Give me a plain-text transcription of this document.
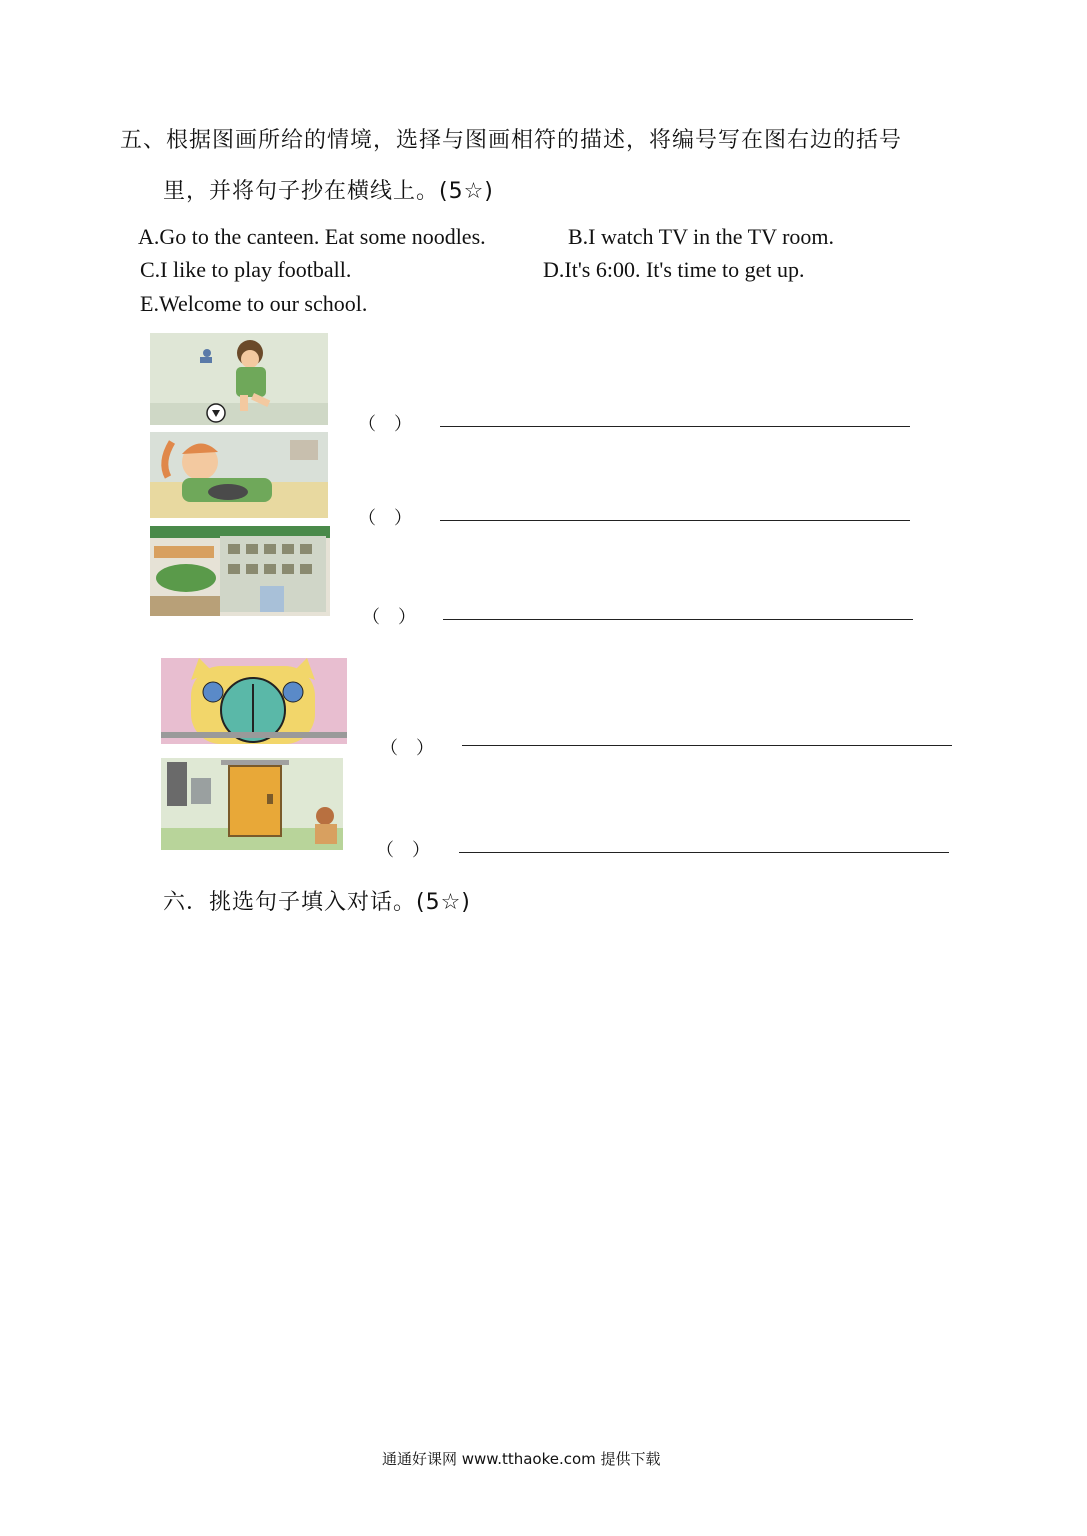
五、根据图画所给的情境，选择与图画相符的描述，将编号写在图右边的括号
里，并将句子抄在横线上。(5☆)
A.Go to the canteen. Eat some noodles.	B.I watch TV in the TV room.
C.I like to play football.	D.It's 6:00. It's time to get up.
E.Welcome to our school.
（　）
（　）
（　）
（　）
（　）
六．挑选句子填入对话。(5☆)
通通好课网 www.tthaoke.com 提供下载
